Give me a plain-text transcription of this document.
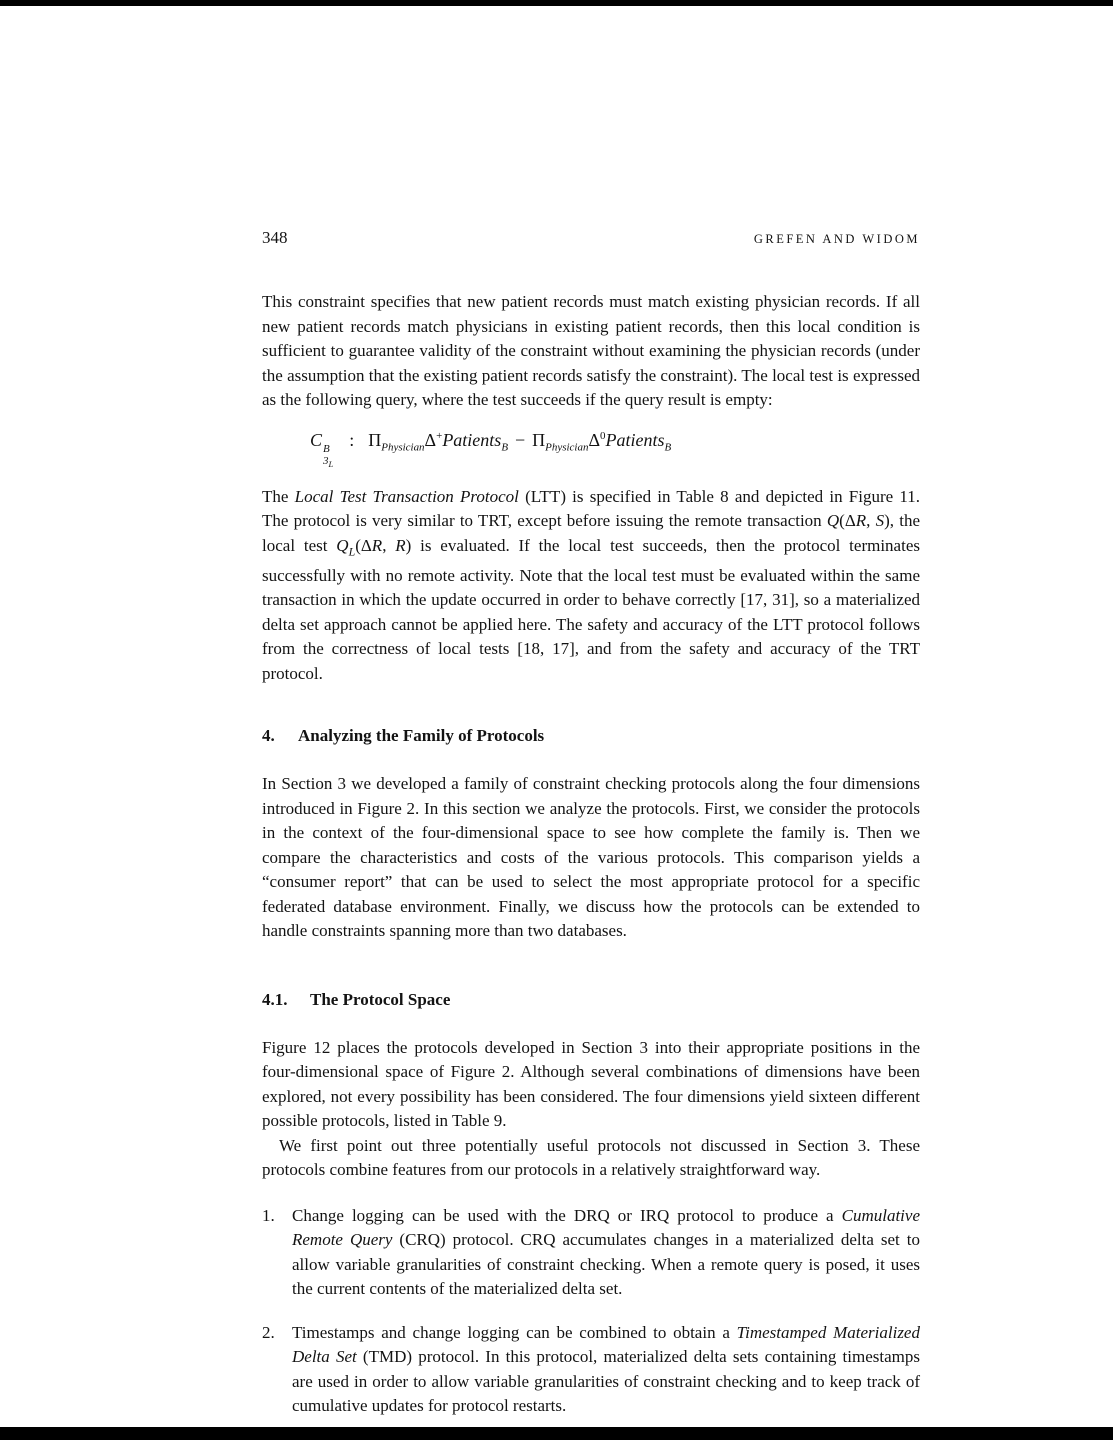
348	GREFEN AND WIDOM

This constraint specifies that new patient records must match existing physician records. If all new patient records match physicians in existing patient records, then this local condition is sufficient to guarantee validity of the constraint without examining the physician records (under the assumption that the existing patient records satisfy the constraint). The local test is expressed as the following query, where the test succeeds if the query result is empty:

C B
$3_L$
: $\Pi_{Physician}\Delta^+Patients_B$ − $\Pi_{Physician}\Delta^0Patients_B$

The Local Test Transaction Protocol (LTT) is specified in Table 8 and depicted in Figure 11. The protocol is very similar to TRT, except before issuing the remote transaction Q(ΔR, S), the local test $Q_L(\Delta R$, R) is evaluated. If the local test succeeds, then the protocol terminates successfully with no remote activity. Note that the local test must be evaluated within the same transaction in which the update occurred in order to behave correctly [17, 31], so a materialized delta set approach cannot be applied here. The safety and accuracy of the LTT protocol follows from the correctness of local tests [18, 17], and from the safety and accuracy of the TRT protocol.

4.	Analyzing the Family of Protocols

In Section 3 we developed a family of constraint checking protocols along the four dimensions introduced in Figure 2. In this section we analyze the protocols. First, we consider the protocols in the context of the four-dimensional space to see how complete the family is. Then we compare the characteristics and costs of the various protocols. This comparison yields a “consumer report” that can be used to select the most appropriate protocol for a specific federated database environment. Finally, we discuss how the protocols can be extended to handle constraints spanning more than two databases.

4.1.	The Protocol Space

Figure 12 places the protocols developed in Section 3 into their appropriate positions in the four-dimensional space of Figure 2. Although several combinations of dimensions have been explored, not every possibility has been considered. The four dimensions yield sixteen different possible protocols, listed in Table 9.

We first point out three potentially useful protocols not discussed in Section 3. These protocols combine features from our protocols in a relatively straightforward way.

1.	Change logging can be used with the DRQ or IRQ protocol to produce a Cumulative Remote Query (CRQ) protocol. CRQ accumulates changes in a materialized delta set to allow variable granularities of constraint checking. When a remote query is posed, it uses the current contents of the materialized delta set.

2.	Timestamps and change logging can be combined to obtain a Timestamped Materialized Delta Set (TMD) protocol. In this protocol, materialized delta sets containing timestamps are used in order to allow variable granularities of constraint checking and to keep track of cumulative updates for protocol restarts.
